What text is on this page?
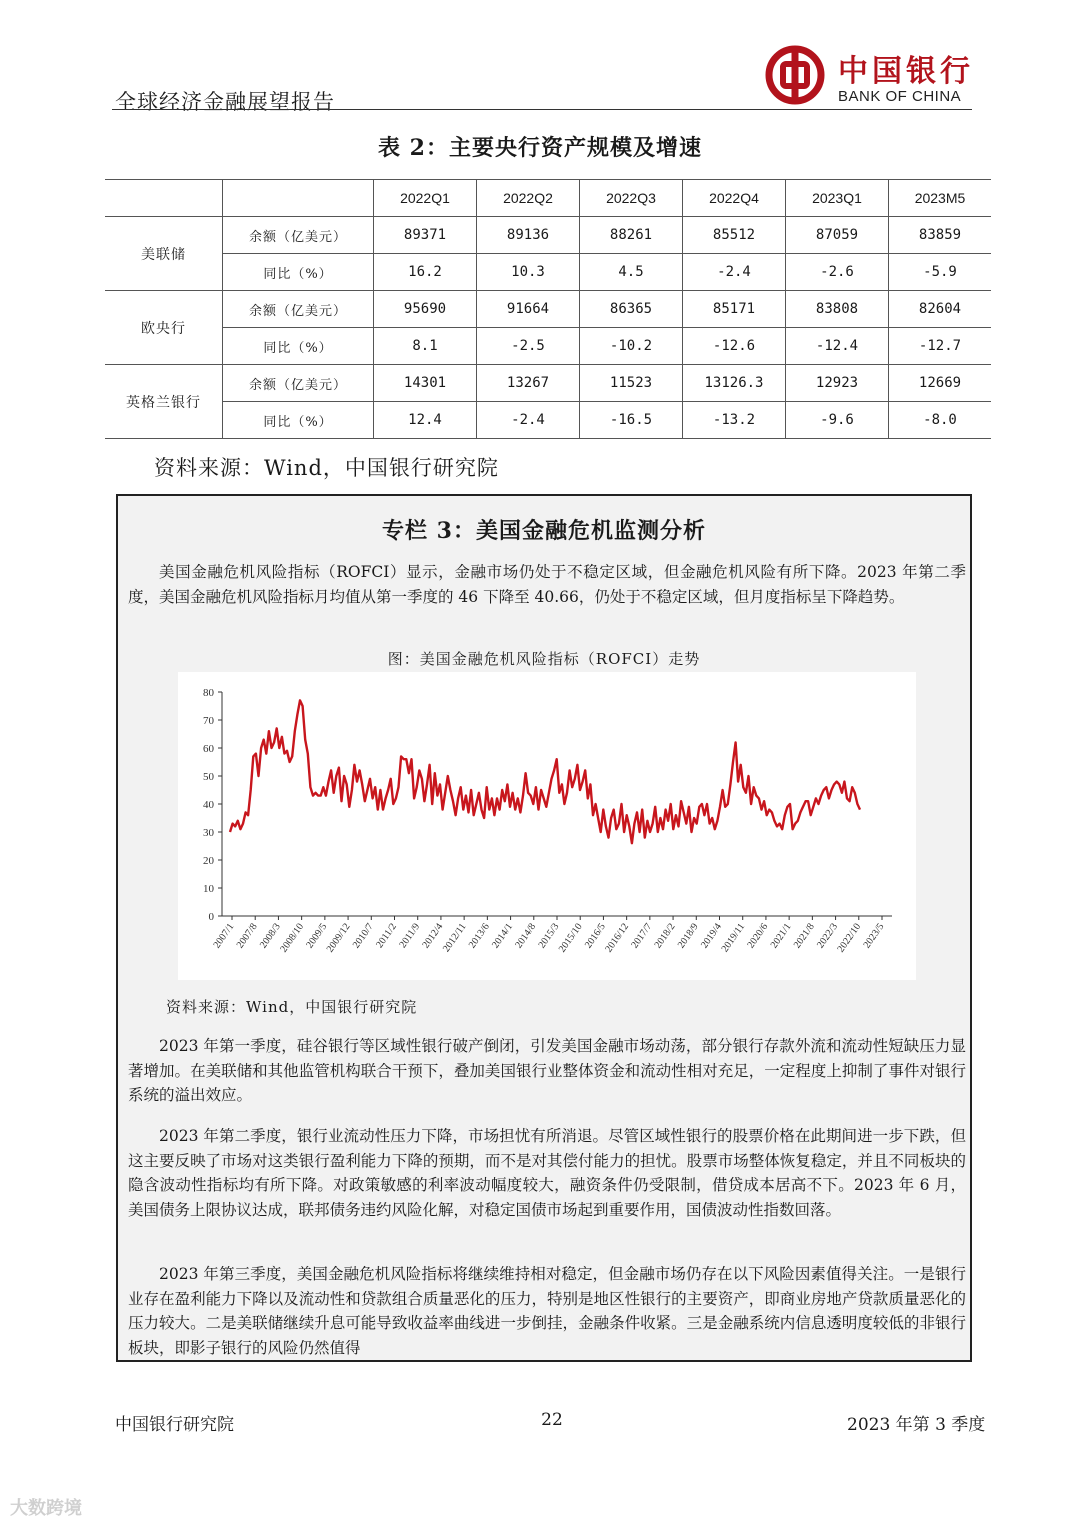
全球经济金融展望报告
中国银行
BANK OF CHINA
表 2：主要央行资产规模及增速
		2022Q1	2022Q2	2022Q3	2022Q4	2023Q1	2023M5
美联储	余额（亿美元）	89371	89136	88261	85512	87059	83859
	同比（%）	16.2	10.3	4.5	-2.4	-2.6	-5.9
欧央行	余额（亿美元）	95690	91664	86365	85171	83808	82604
	同比（%）	8.1	-2.5	-10.2	-12.6	-12.4	-12.7
英格兰银行	余额（亿美元）	14301	13267	11523	13126.3	12923	12669
	同比（%）	12.4	-2.4	-16.5	-13.2	-9.6	-8.0
资料来源：Wind，中国银行研究院
专栏 3：美国金融危机监测分析
美国金融危机风险指标（ROFCI）显示，金融市场仍处于不稳定区域，但金融危机风险有所下降。2023 年第二季度，美国金融危机风险指标月均值从第一季度的 46 下降至 40.66，仍处于不稳定区域，但月度指标呈下降趋势。
图：美国金融危机风险指标（ROFCI）走势
0
10
20
30
40
50
60
70
80
2007/1
2007/8
2008/3
2008/10
2009/5
2009/12
2010/7
2011/2
2011/9
2012/4
2012/11
2013/6
2014/1
2014/8
2015/3
2015/10
2016/5
2016/12
2017/7
2018/2
2018/9
2019/4
2019/11
2020/6
2021/1
2021/8
2022/3
2022/10
2023/5
资料来源：Wind，中国银行研究院
2023 年第一季度，硅谷银行等区域性银行破产倒闭，引发美国金融市场动荡，部分银行存款外流和流动性短缺压力显著增加。在美联储和其他监管机构联合干预下，叠加美国银行业整体资金和流动性相对充足，一定程度上抑制了事件对银行系统的溢出效应。
2023 年第二季度，银行业流动性压力下降，市场担忧有所消退。尽管区域性银行的股票价格在此期间进一步下跌，但这主要反映了市场对这类银行盈利能力下降的预期，而不是对其偿付能力的担忧。股票市场整体恢复稳定，并且不同板块的隐含波动性指标均有所下降。对政策敏感的利率波动幅度较大，融资条件仍受限制，借贷成本居高不下。2023 年 6 月，美国债务上限协议达成，联邦债务违约风险化解，对稳定国债市场起到重要作用，国债波动性指数回落。
2023 年第三季度，美国金融危机风险指标将继续维持相对稳定，但金融市场仍存在以下风险因素值得关注。一是银行业存在盈利能力下降以及流动性和贷款组合质量恶化的压力，特别是地区性银行的主要资产，即商业房地产贷款质量恶化的压力较大。二是美联储继续升息可能导致收益率曲线进一步倒挂，金融条件收紧。三是金融系统内信息透明度较低的非银行板块，即影子银行的风险仍然值得
中国银行研究院	22	2023 年第 3 季度
大数跨境
